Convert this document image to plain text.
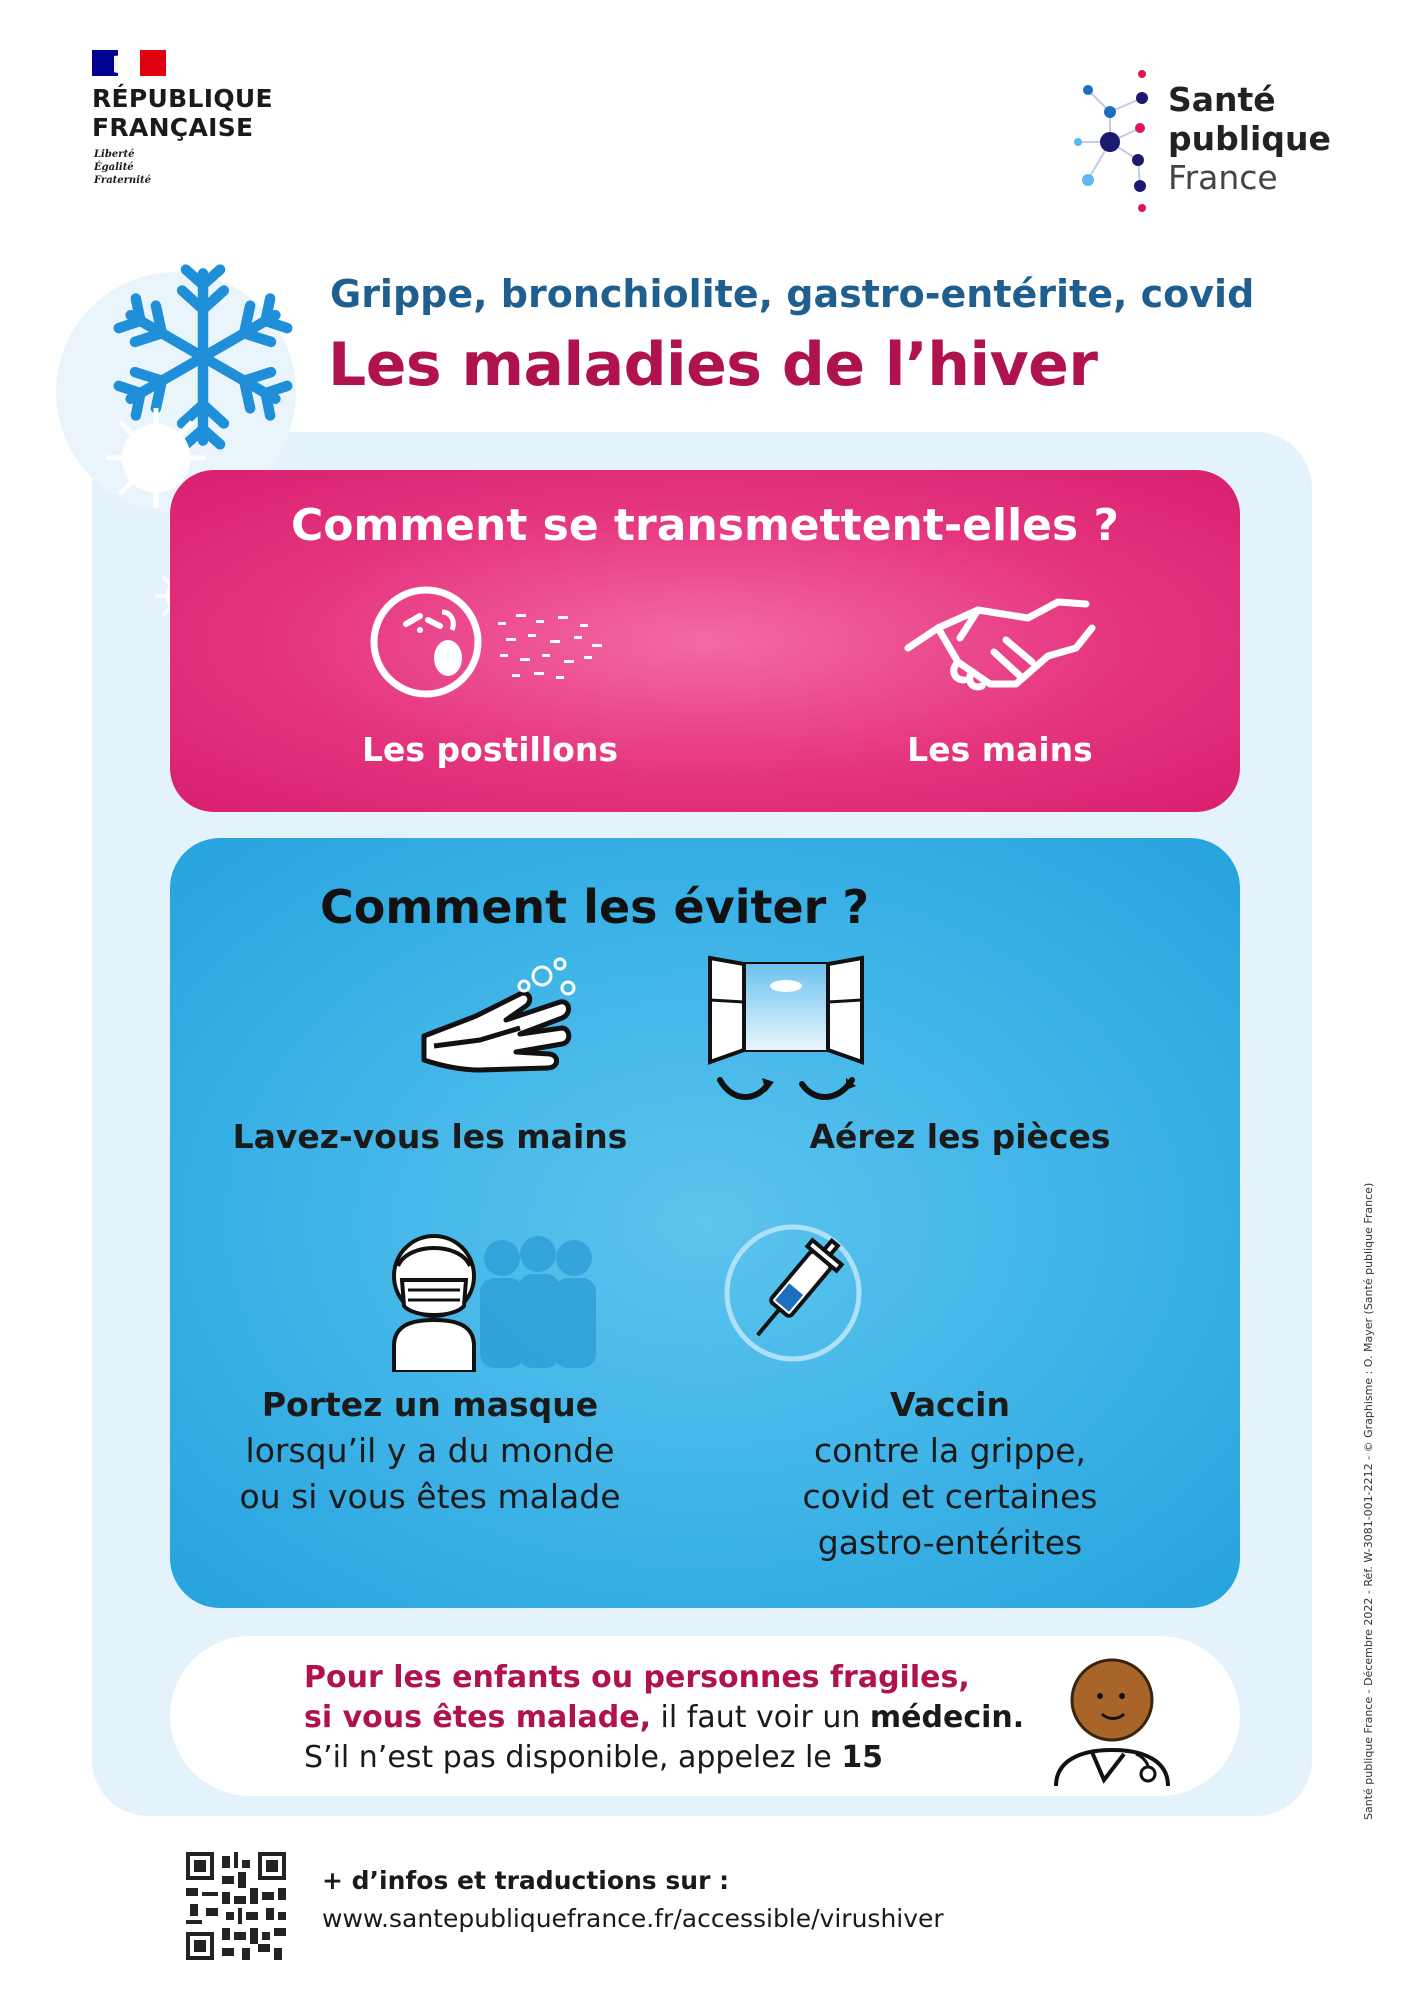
RÉPUBLIQUE
FRANÇAISE
Liberté
Égalité
Fraternité
Santé
publique
France
Grippe, bronchiolite, gastro-entérite, covid
Les maladies de l’hiver
Comment se transmettent-elles ?
Les postillons	Les mains
Comment les éviter ?
Lavez-vous les mains	Aérez les pièces
Portez un masque
lorsqu’il y a du monde
ou si vous êtes malade
Vaccin
contre la grippe,
covid et certaines
gastro-entérites
Pour les enfants ou personnes fragiles,
si vous êtes malade, il faut voir un médecin.
S’il n’est pas disponible, appelez le 15
+ d’infos et traductions sur :
www.santepubliquefrance.fr/accessible/virushiver
Santé publique France - Décembre 2022 - Réf. W-3081-001-2212 - © Graphisme : O. Mayer (Santé publique France)
